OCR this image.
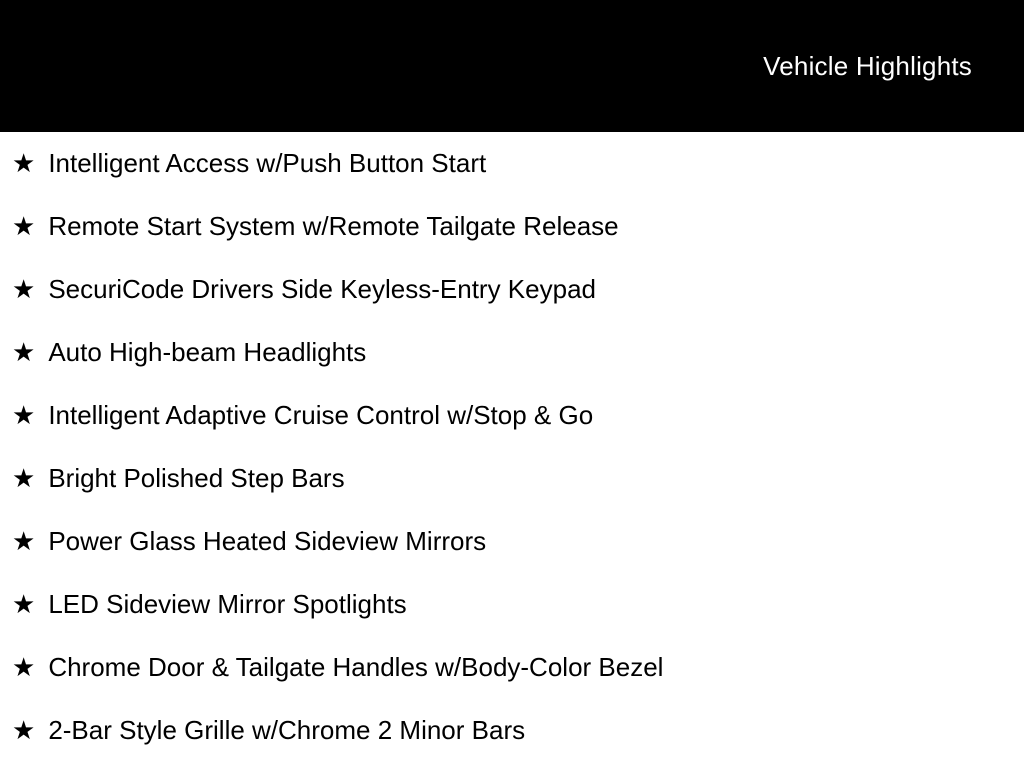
Vehicle Highlights
★ Intelligent Access w/Push Button Start
★ Remote Start System w/Remote Tailgate Release
★ SecuriCode Drivers Side Keyless-Entry Keypad
★ Auto High-beam Headlights
★ Intelligent Adaptive Cruise Control w/Stop & Go
★ Bright Polished Step Bars
★ Power Glass Heated Sideview Mirrors
★ LED Sideview Mirror Spotlights
★ Chrome Door & Tailgate Handles w/Body-Color Bezel
★ 2-Bar Style Grille w/Chrome 2 Minor Bars
